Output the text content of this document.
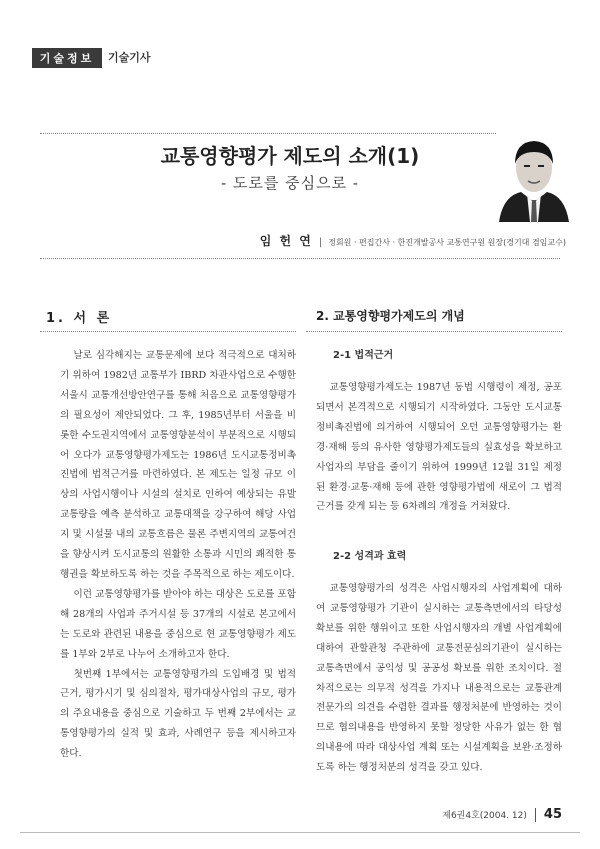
기술정보	기술기사
교통영향평가 제도의 소개(1)
- 도로를 중심으로 -
임 헌 연 | 정회원 · 편집간사 · 한진개발공사 교통연구원 원장(경기대 겸임교수)
1. 서 론

날로 심각해지는 교통문제에 보다 적극적으로 대처하기 위하여 1982년 교통부가 IBRD 차관사업으로 수행한 서울시 교통개선방안연구를 통해 처음으로 교통영향평가의 필요성이 제안되었다. 그 후, 1985년부터 서울을 비롯한 수도권지역에서 교통영향분석이 부분적으로 시행되어 오다가 교통영향평가제도는 1986년 도시교통정비촉진법에 법적근거를 마련하였다. 본 제도는 일정 규모 이상의 사업시행이나 시설의 설치로 인하여 예상되는 유발교통량을 예측 분석하고 교통대책을 강구하여 해당 사업지 및 시설물 내의 교통흐름은 물론 주변지역의 교통여건을 향상시켜 도시교통의 원활한 소통과 시민의 쾌적한 통행권을 확보하도록 하는 것을 주목적으로 하는 제도이다.

이런 교통영향평가를 받아야 하는 대상은 도로를 포함해 28개의 사업과 주거시설 등 37개의 시설로 본고에서는 도로와 관련된 내용을 중심으로 현 교통영향평가 제도를 1부와 2부로 나누어 소개하고자 한다.

첫번째 1부에서는 교통영향평가의 도입배경 및 법적근거, 평가시기 및 심의절차, 평가대상사업의 규모, 평가의 주요내용을 중심으로 기술하고 두 번째 2부에서는 교통영향평가의 실적 및 효과, 사례연구 등을 제시하고자 한다.

2. 교통영향평가제도의 개념
2-1 법적근거

교통영향평가제도는 1987년 동법 시행령이 제정, 공포되면서 본격적으로 시행되기 시작하였다. 그동안 도시교통정비촉진법에 의거하여 시행되어 오던 교통영향평가는 환경·재해 등의 유사한 영향평가제도들의 실효성을 확보하고 사업자의 부담을 줄이기 위하여 1999년 12월 31일 제정된 환경·교통·재해 등에 관한 영향평가법에 새로이 그 법적 근거를 갖게 되는 등 6차례의 개정을 거쳐왔다.

2-2 성격과 효력

교통영향평가의 성격은 사업시행자의 사업계획에 대하여 교통영향평가 기관이 실시하는 교통측면에서의 타당성 확보를 위한 행위이고 또한 사업시행자의 개별 사업계획에 대하여 관할관청 주관하에 교통전문심의기관이 실시하는 교통측면에서 공익성 및 공공성 확보를 위한 조치이다. 절차적으로는 의무적 성격을 가지나 내용적으로는 교통관계 전문가의 의견을 수렴한 결과를 행정처분에 반영하는 것이므로 협의내용을 반영하지 못할 정당한 사유가 없는 한 협의내용에 따라 대상사업 계획 또는 시설계획을 보완·조정하도록 하는 행정처분의 성격을 갖고 있다.

제6권4호(2004. 12) 45
